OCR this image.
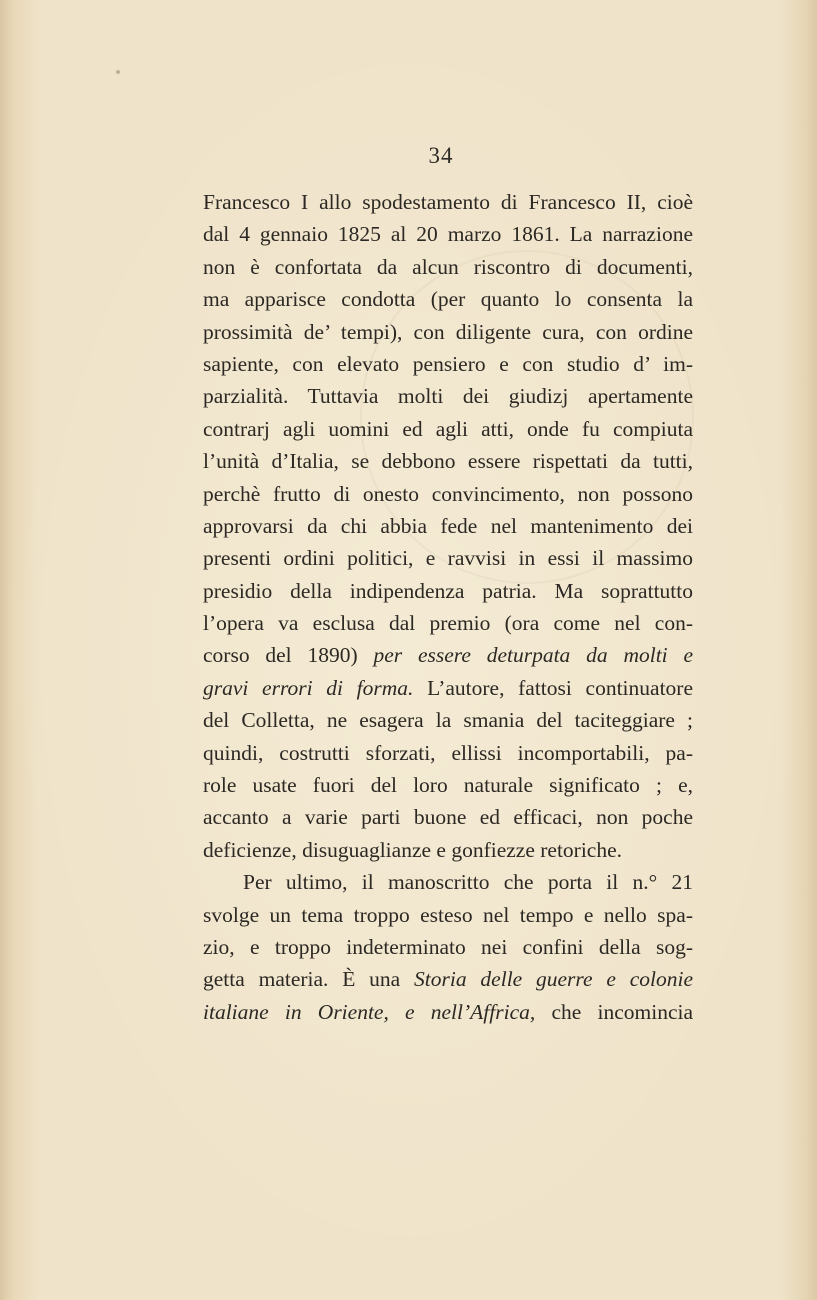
34
Francesco I allo spodestamento di Francesco II, cioè
dal 4 gennaio 1825 al 20 marzo 1861. La narrazione
non è confortata da alcun riscontro di documenti,
ma apparisce condotta (per quanto lo consenta la
prossimità de’ tempi), con diligente cura, con ordine
sapiente, con elevato pensiero e con studio d’ im-
parzialità. Tuttavia molti dei giudizj apertamente
contrarj agli uomini ed agli atti, onde fu compiuta
l’unità d’Italia, se debbono essere rispettati da tutti,
perchè frutto di onesto convincimento, non possono
approvarsi da chi abbia fede nel mantenimento dei
presenti ordini politici, e ravvisi in essi il massimo
presidio della indipendenza patria. Ma soprattutto
l’opera va esclusa dal premio (ora come nel con-
corso del 1890) per essere deturpata da molti e
gravi errori di forma. L’autore, fattosi continuatore
del Colletta, ne esagera la smania del taciteggiare ;
quindi, costrutti sforzati, ellissi incomportabili, pa-
role usate fuori del loro naturale significato ; e,
accanto a varie parti buone ed efficaci, non poche
deficienze, disuguaglianze e gonfiezze retoriche.
Per ultimo, il manoscritto che porta il n.° 21
svolge un tema troppo esteso nel tempo e nello spa-
zio, e troppo indeterminato nei confini della sog-
getta materia. È una Storia delle guerre e colonie
italiane in Oriente, e nell’Affrica, che incomincia
